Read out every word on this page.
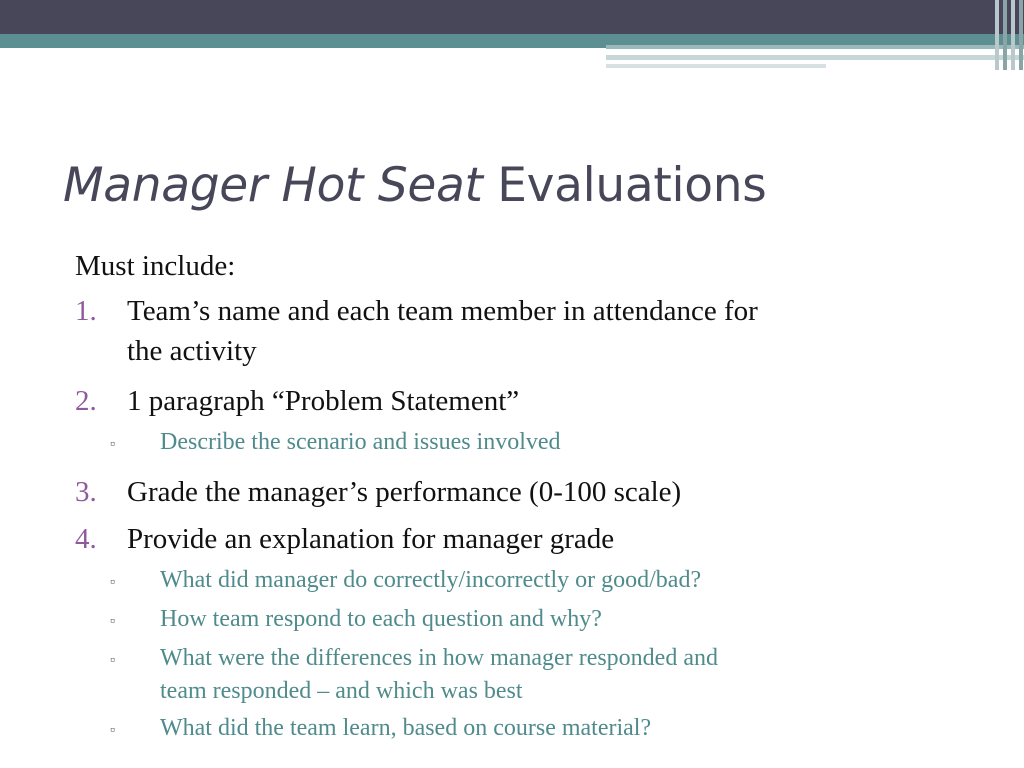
Manager Hot Seat Evaluations
Must include:
1. Team’s name and each team member in attendance for
the activity
2. 1 paragraph “Problem Statement”
▫ Describe the scenario and issues involved
3. Grade the manager’s performance (0-100 scale)
4. Provide an explanation for manager grade
▫ What did manager do correctly/incorrectly or good/bad?
▫ How team respond to each question and why?
▫ What were the differences in how manager responded and
team responded – and which was best
▫ What did the team learn, based on course material?
